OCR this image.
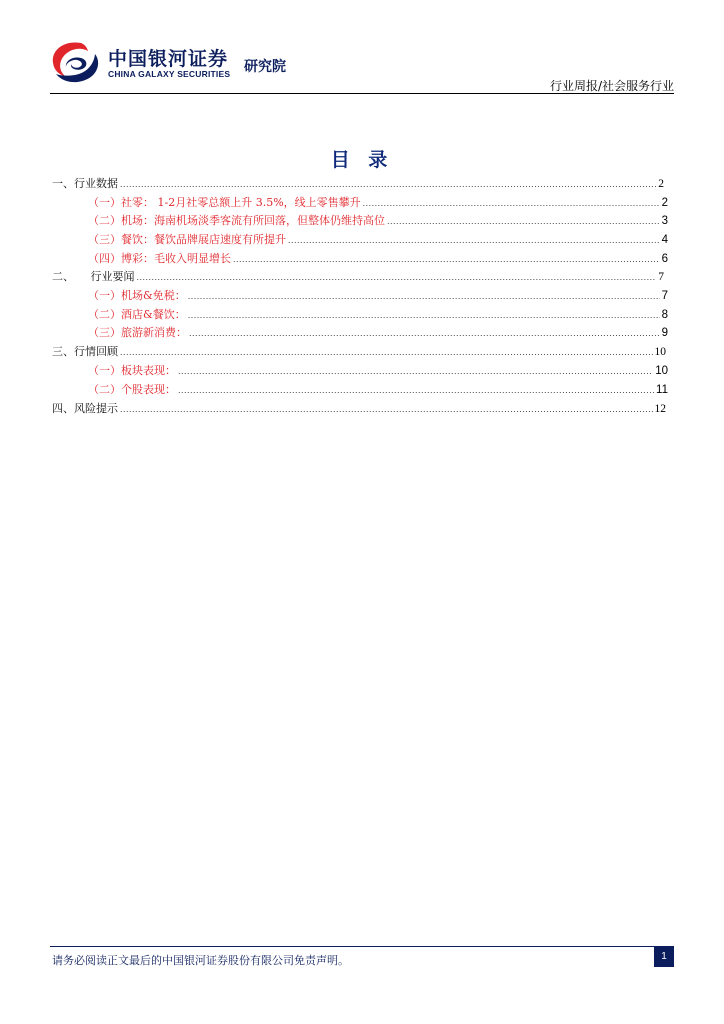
中国银河证券
CHINA GALAXY SECURITIES 研究院
行业周报/社会服务行业
目 录
一、行业数据 .....	2
（一）社零： 1-2月社零总额上升 3.5%，线上零售攀升 .....	2
（二）机场：海南机场淡季客流有所回落，但整体仍维持高位 .....	3
（三）餐饮：餐饮品牌展店速度有所提升 .....	4
（四）博彩：毛收入明显增长 .....	6
二、　　行业要闻 .....	7
（一）机场&免税： .....	7
（二）酒店&餐饮： .....	8
（三）旅游新消费： .....	9
三、行情回顾 .....	10
（一）板块表现： .....	10
（二）个股表现： .....	11
四、风险提示 .....	12
请务必阅读正文最后的中国银河证券股份有限公司免责声明。	1
